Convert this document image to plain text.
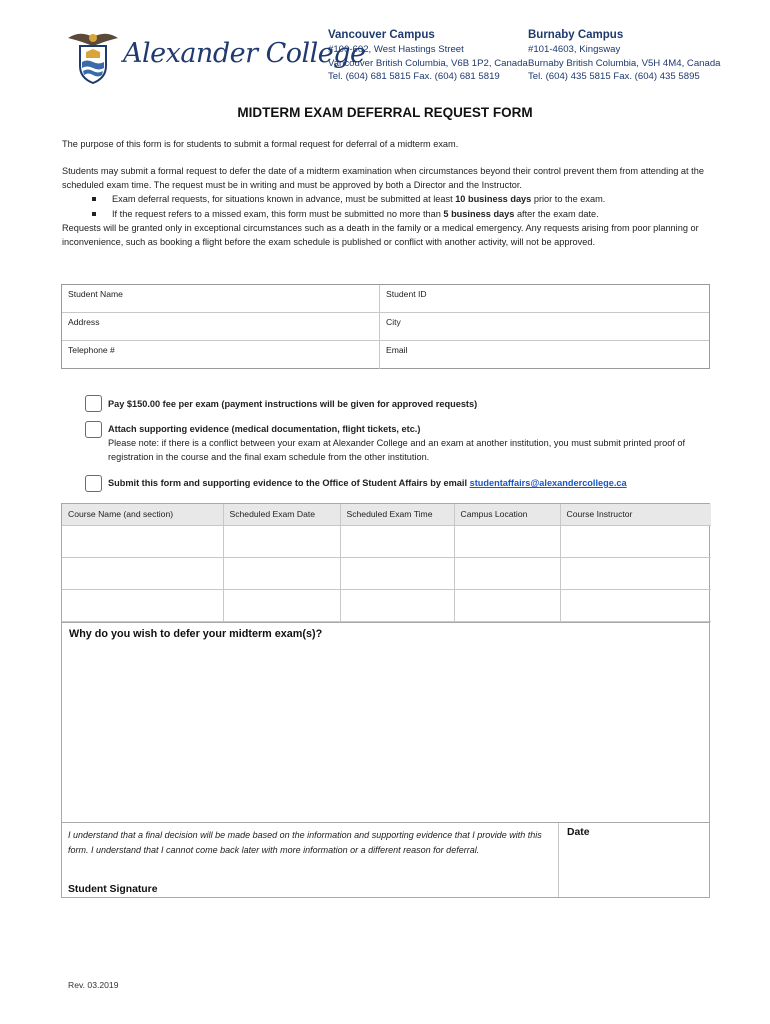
Alexander College
Vancouver Campus
#100-602, West Hastings Street
Vancouver British Columbia, V6B 1P2, Canada
Tel. (604) 681 5815 Fax. (604) 681 5819
Burnaby Campus
#101-4603, Kingsway
Burnaby British Columbia, V5H 4M4, Canada
Tel. (604) 435 5815 Fax. (604) 435 5895
MIDTERM EXAM DEFERRAL REQUEST FORM
The purpose of this form is for students to submit a formal request for deferral of a midterm exam.
Students may submit a formal request to defer the date of a midterm examination when circumstances beyond their control prevent them from attending at the scheduled exam time. The request must be in writing and must be approved by both a Director and the Instructor.
Exam deferral requests, for situations known in advance, must be submitted at least 10 business days prior to the exam.
If the request refers to a missed exam, this form must be submitted no more than 5 business days after the exam date.
Requests will be granted only in exceptional circumstances such as a death in the family or a medical emergency. Any requests arising from poor planning or inconvenience, such as booking a flight before the exam schedule is published or conflict with another activity, will not be approved.
Student Name	Student ID
Address	City
Telephone #	Email
Pay $150.00 fee per exam (payment instructions will be given for approved requests)
Attach supporting evidence (medical documentation, flight tickets, etc.)
Please note: if there is a conflict between your exam at Alexander College and an exam at another institution, you must submit printed proof of registration in the course and the final exam schedule from the other institution.
Submit this form and supporting evidence to the Office of Student Affairs by email studentaffairs@alexandercollege.ca
Course Name (and section)	Scheduled Exam Date	Scheduled Exam Time	Campus Location	Course Instructor

Why do you wish to defer your midterm exam(s)?
I understand that a final decision will be made based on the information and supporting evidence that I provide with this form. I understand that I cannot come back later with more information or a different reason for deferral.
Student Signature
Date
Rev. 03.2019
